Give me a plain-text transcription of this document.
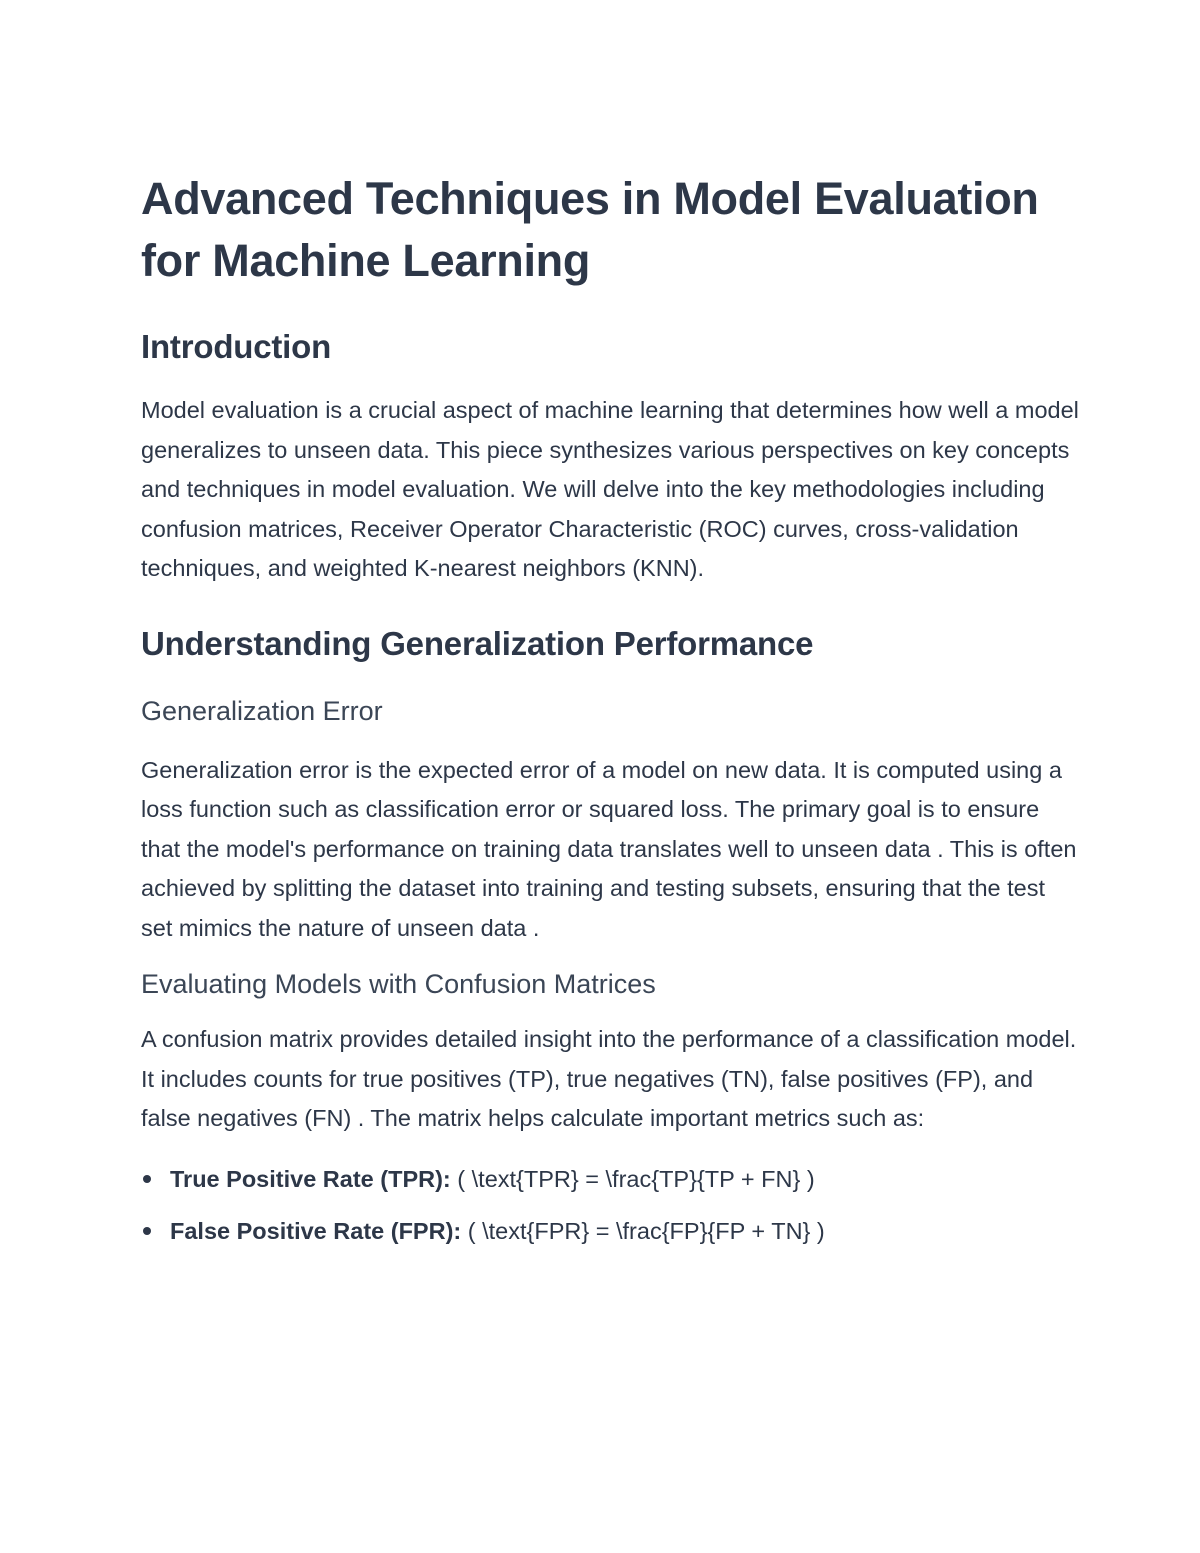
Advanced Techniques in Model Evaluation for Machine Learning
Introduction

Model evaluation is a crucial aspect of machine learning that determines how well a model generalizes to unseen data. This piece synthesizes various perspectives on key concepts and techniques in model evaluation. We will delve into the key methodologies including confusion matrices, Receiver Operator Characteristic (ROC) curves, cross-validation techniques, and weighted K-nearest neighbors (KNN).

Understanding Generalization Performance
Generalization Error

Generalization error is the expected error of a model on new data. It is computed using a loss function such as classification error or squared loss. The primary goal is to ensure that the model's performance on training data translates well to unseen data . This is often achieved by splitting the dataset into training and testing subsets, ensuring that the test set mimics the nature of unseen data .

Evaluating Models with Confusion Matrices

A confusion matrix provides detailed insight into the performance of a classification model. It includes counts for true positives (TP), true negatives (TN), false positives (FP), and false negatives (FN) . The matrix helps calculate important metrics such as:

True Positive Rate (TPR): ( \text{TPR} = \frac{TP}{TP + FN} )
False Positive Rate (FPR): ( \text{FPR} = \frac{FP}{FP + TN} )
